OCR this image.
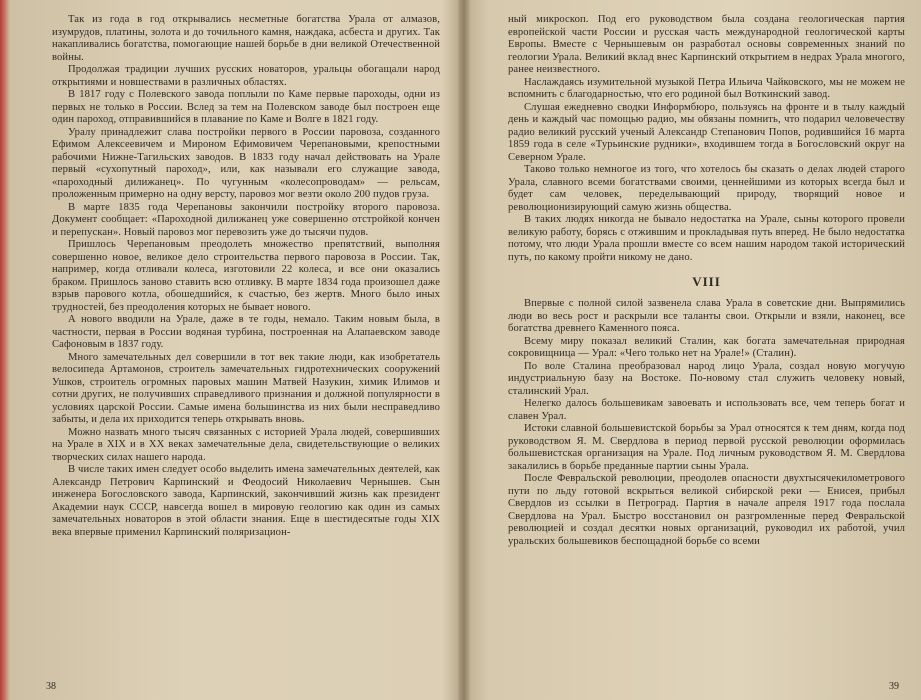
Так из года в год открывались несметные богатства Урала от алмазов, изумрудов, платины, золота и до точильного камня, наждака, асбеста и других. Так накапливались богатства, помогающие нашей борьбе в дни великой Отечественной войны.

Продолжая традиции лучших русских новаторов, уральцы обогащали народ открытиями и новшествами в различных областях.

В 1817 году с Полевского завода поплыли по Каме первые пароходы, одни из первых не только в России. Вслед за тем на Полевском заводе был построен еще один пароход, отправившийся в плавание по Каме и Волге в 1821 году.

Уралу принадлежит слава постройки первого в России паровоза, созданного Ефимом Алексеевичем и Мироном Ефимовичем Черепановыми, крепостными рабочими Нижне-Тагильских заводов. В 1833 году начал действовать на Урале первый «сухопутный пароход», или, как называли его служащие завода, «пароходный дилижанец». По чугунным «колесопроводам» — рельсам, проложенным примерно на одну версту, паровоз мог везти около 200 пудов груза.

В марте 1835 года Черепановы закончили постройку второго паровоза. Документ сообщает: «Пароходной дилижанец уже совершенно отстройкой кончен и перепускан». Новый паровоз мог перевозить уже до тысячи пудов.

Пришлось Черепановым преодолеть множество препятствий, выполняя совершенно новое, великое дело строительства первого паровоза в России. Так, например, когда отливали колеса, изготовили 22 колеса, и все они оказались браком. Пришлось заново ставить всю отливку. В марте 1834 года произошел даже взрыв парового котла, обошедшийся, к счастью, без жертв. Много было иных трудностей, без преодоления которых не бывает нового.

А нового вводили на Урале, даже в те годы, немало. Таким новым была, в частности, первая в России водяная турбина, построенная на Алапаевском заводе Сафоновым в 1837 году.

Много замечательных дел совершили в тот век такие люди, как изобретатель велосипеда Артамонов, строитель замечательных гидротехнических сооружений Ушков, строитель огромных паровых машин Матвей Назукин, химик Илимов и сотни других, не получивших справедливого признания и должной популярности в условиях царской России. Самые имена большинства из них были несправедливо забыты, и дела их приходится теперь открывать вновь.

Можно назвать много тысяч связанных с историей Урала людей, совершивших на Урале в XIX и в XX веках замечательные дела, свидетельствующие о великих творческих силах нашего народа.

В числе таких имен следует особо выделить имена замечательных деятелей, как Александр Петрович Карпинский и Феодосий Николаевич Чернышев. Сын инженера Богословского завода, Карпинский, закончивший жизнь как президент Академии наук СССР, навсегда вошел в мировую геологию как один из самых замечательных новаторов в этой области знания. Еще в шестидесятые годы XIX века впервые применил Карпинский поляризацион-

38

ный микроскоп. Под его руководством была создана геологическая партия европейской части России и русская часть международной геологической карты Европы. Вместе с Чернышевым он разработал основы современных знаний по геологии Урала. Великий вклад внес Карпинский открытием в недрах Урала многого, ранее неизвестного.

Наслаждаясь изумительной музыкой Петра Ильича Чайковского, мы не можем не вспомнить с благодарностью, что его родиной был Воткинский завод.

Слушая ежедневно сводки Информбюро, пользуясь на фронте и в тылу каждый день и каждый час помощью радио, мы обязаны помнить, что подарил человечеству радио великий русский ученый Александр Степанович Попов, родившийся 16 марта 1859 года в селе «Турьинские рудники», входившем тогда в Богословский округ на Северном Урале.

Таково только немногое из того, что хотелось бы сказать о делах людей старого Урала, славного всеми богатствами своими, ценнейшими из которых всегда был и будет сам человек, переделывающий природу, творящий новое и революционизирующий самую жизнь общества.

В таких людях никогда не бывало недостатка на Урале, сыны которого провели великую работу, борясь с отжившим и прокладывая путь вперед. Не было недостатка потому, что люди Урала прошли вместе со всем нашим народом такой исторический путь, по какому пройти никому не дано.

VIII

Впервые с полной силой зазвенела слава Урала в советские дни. Выпрямились люди во весь рост и раскрыли все таланты свои. Открыли и взяли, наконец, все богатства древнего Каменного пояса.

Всему миру показал великий Сталин, как богата замечательная природная сокровищница — Урал: «Чего только нет на Урале!» (Сталин).

По воле Сталина преобразовал народ лицо Урала, создал новую могучую индустриальную базу на Востоке. По-новому стал служить человеку новый, сталинский Урал.

Нелегко далось большевикам завоевать и использовать все, чем теперь богат и славен Урал.

Истоки славной большевистской борьбы за Урал относятся к тем дням, когда под руководством Я. М. Свердлова в период первой русской революции оформилась большевистская организация на Урале. Под личным руководством Я. М. Свердлова закалились в борьбе преданные партии сыны Урала.

После Февральской революции, преодолев опасности двухтысячекилометрового пути по льду готовой вскрыться великой сибирской реки — Енисея, прибыл Свердлов из ссылки в Петроград. Партия в начале апреля 1917 года послала Свердлова на Урал. Быстро восстановил он разгромленные перед Февральской революцией и создал десятки новых организаций, руководил их работой, учил уральских большевиков беспощадной борьбе со всеми

39
